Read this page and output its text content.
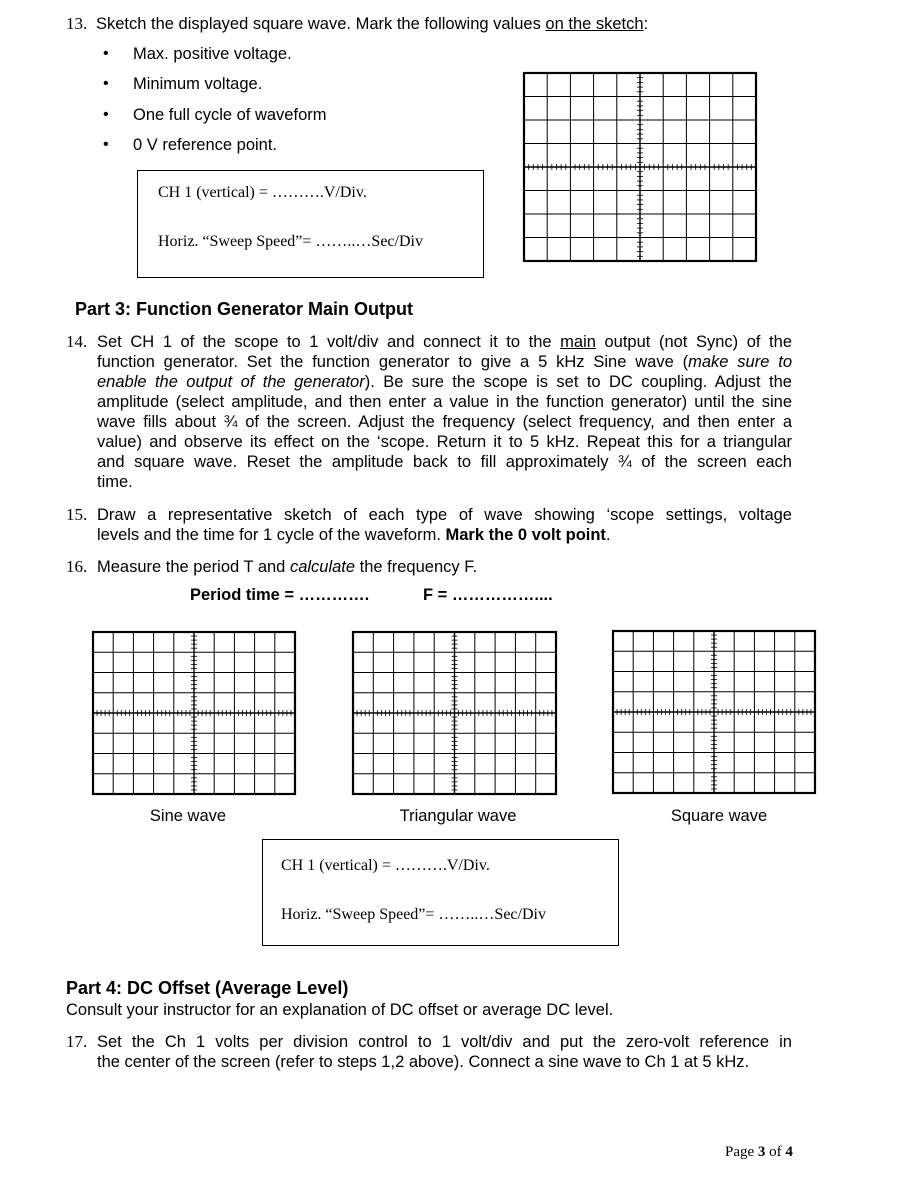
13. Sketch the displayed square wave. Mark the following values on the sketch:
• Max. positive voltage.
• Minimum voltage.
• One full cycle of waveform
• 0 V reference point.
CH 1 (vertical) = ……….V/Div.
Horiz. “Sweep Speed”= ……..…Sec/Div
Part 3: Function Generator Main Output
14. Set CH 1 of the scope to 1 volt/div and connect it to the main output (not Sync) of the
function generator. Set the function generator to give a 5 kHz Sine wave (make sure to
enable the output of the generator). Be sure the scope is set to DC coupling. Adjust the
amplitude (select amplitude, and then enter a value in the function generator) until the sine
wave fills about ¾ of the screen. Adjust the frequency (select frequency, and then enter a
value) and observe its effect on the ‘scope. Return it to 5 kHz. Repeat this for a triangular
and square wave. Reset the amplitude back to fill approximately ¾ of the screen each
time.
15. Draw a representative sketch of each type of wave showing ‘scope settings, voltage
levels and the time for 1 cycle of the waveform. Mark the 0 volt point.
16. Measure the period T and calculate the frequency F.
Period time = ………….	F = ……………....
Sine wave	Triangular wave	Square wave
CH 1 (vertical) = ……….V/Div.
Horiz. “Sweep Speed”= ……..…Sec/Div
Part 4: DC Offset (Average Level)
Consult your instructor for an explanation of DC offset or average DC level.
17. Set the Ch 1 volts per division control to 1 volt/div and put the zero-volt reference in
the center of the screen (refer to steps 1,2 above). Connect a sine wave to Ch 1 at 5 kHz.
Page 3 of 4
